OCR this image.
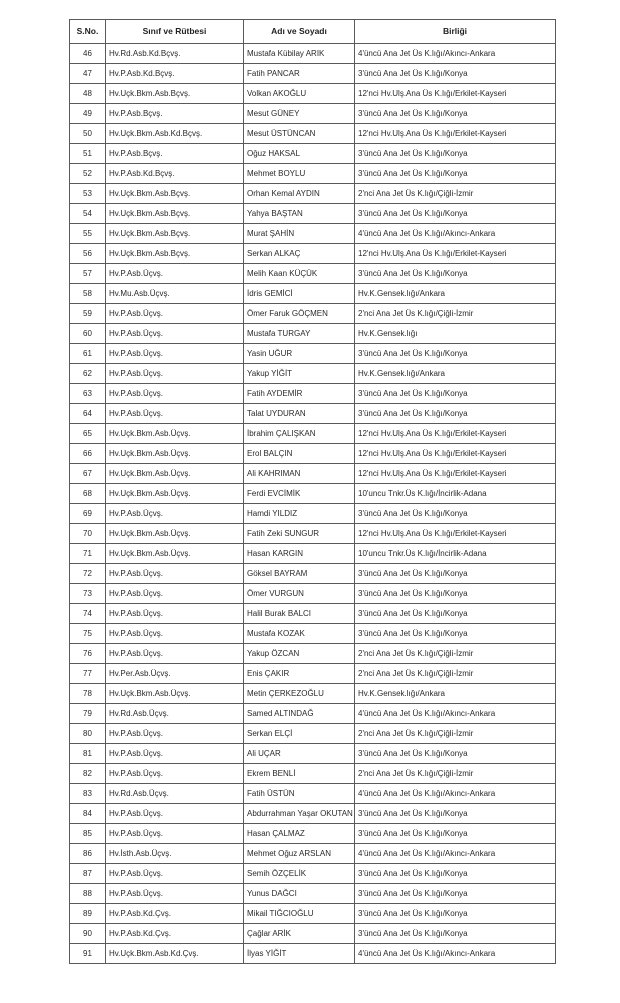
S.No.	Sınıf ve Rütbesi	Adı ve Soyadı	Birliği
46	Hv.Rd.Asb.Kd.Bçvş.	Mustafa Kübilay ARIK	4'üncü Ana Jet Üs K.lığı/Akıncı-Ankara
47	Hv.P.Asb.Kd.Bçvş.	Fatih PANCAR	3'üncü Ana Jet Üs K.lığı/Konya
48	Hv.Uçk.Bkm.Asb.Bçvş.	Volkan AKOĞLU	12'nci Hv.Ulş.Ana Üs K.lığı/Erkilet-Kayseri
49	Hv.P.Asb.Bçvş.	Mesut GÜNEY	3'üncü Ana Jet Üs K.lığı/Konya
50	Hv.Uçk.Bkm.Asb.Kd.Bçvş.	Mesut ÜSTÜNCAN	12'nci Hv.Ulş.Ana Üs K.lığı/Erkilet-Kayseri
51	Hv.P.Asb.Bçvş.	Oğuz HAKSAL	3'üncü Ana Jet Üs K.lığı/Konya
52	Hv.P.Asb.Kd.Bçvş.	Mehmet BOYLU	3'üncü Ana Jet Üs K.lığı/Konya
53	Hv.Uçk.Bkm.Asb.Bçvş.	Orhan Kemal AYDIN	2'nci Ana Jet Üs K.lığı/Çiğli-İzmir
54	Hv.Uçk.Bkm.Asb.Bçvş.	Yahya BAŞTAN	3'üncü Ana Jet Üs K.lığı/Konya
55	Hv.Uçk.Bkm.Asb.Bçvş.	Murat ŞAHİN	4'üncü Ana Jet Üs K.lığı/Akıncı-Ankara
56	Hv.Uçk.Bkm.Asb.Bçvş.	Serkan ALKAÇ	12'nci Hv.Ulş.Ana Üs K.lığı/Erkilet-Kayseri
57	Hv.P.Asb.Üçvş.	Melih Kaan KÜÇÜK	3'üncü Ana Jet Üs K.lığı/Konya
58	Hv.Mu.Asb.Üçvş.	İdris GEMİCİ	Hv.K.Gensek.lığı/Ankara
59	Hv.P.Asb.Üçvş.	Ömer Faruk GÖÇMEN	2'nci Ana Jet Üs K.lığı/Çiğli-İzmir
60	Hv.P.Asb.Üçvş.	Mustafa TURGAY	Hv.K.Gensek.lığı
61	Hv.P.Asb.Üçvş.	Yasin UĞUR	3'üncü Ana Jet Üs K.lığı/Konya
62	Hv.P.Asb.Üçvş.	Yakup YİĞİT	Hv.K.Gensek.lığı/Ankara
63	Hv.P.Asb.Üçvş.	Fatih AYDEMİR	3'üncü Ana Jet Üs K.lığı/Konya
64	Hv.P.Asb.Üçvş.	Talat UYDURAN	3'üncü Ana Jet Üs K.lığı/Konya
65	Hv.Uçk.Bkm.Asb.Üçvş.	İbrahim ÇALIŞKAN	12'nci Hv.Ulş.Ana Üs K.lığı/Erkilet-Kayseri
66	Hv.Uçk.Bkm.Asb.Üçvş.	Erol BALÇIN	12'nci Hv.Ulş.Ana Üs K.lığı/Erkilet-Kayseri
67	Hv.Uçk.Bkm.Asb.Üçvş.	Ali KAHRIMAN	12'nci Hv.Ulş.Ana Üs K.lığı/Erkilet-Kayseri
68	Hv.Uçk.Bkm.Asb.Üçvş.	Ferdi EVCİMİK	10'uncu Tnkr.Üs K.lığı/İncirlik-Adana
69	Hv.P.Asb.Üçvş.	Hamdi YILDIZ	3'üncü Ana Jet Üs K.lığı/Konya
70	Hv.Uçk.Bkm.Asb.Üçvş.	Fatih Zeki SUNGUR	12'nci Hv.Ulş.Ana Üs K.lığı/Erkilet-Kayseri
71	Hv.Uçk.Bkm.Asb.Üçvş.	Hasan KARGIN	10'uncu Tnkr.Üs K.lığı/İncirlik-Adana
72	Hv.P.Asb.Üçvş.	Göksel BAYRAM	3'üncü Ana Jet Üs K.lığı/Konya
73	Hv.P.Asb.Üçvş.	Ömer VURGUN	3'üncü Ana Jet Üs K.lığı/Konya
74	Hv.P.Asb.Üçvş.	Halil Burak BALCI	3'üncü Ana Jet Üs K.lığı/Konya
75	Hv.P.Asb.Üçvş.	Mustafa KOZAK	3'üncü Ana Jet Üs K.lığı/Konya
76	Hv.P.Asb.Üçvş.	Yakup ÖZCAN	2'nci Ana Jet Üs K.lığı/Çiğli-İzmir
77	Hv.Per.Asb.Üçvş.	Enis ÇAKIR	2'nci Ana Jet Üs K.lığı/Çiğli-İzmir
78	Hv.Uçk.Bkm.Asb.Üçvş.	Metin ÇERKEZOĞLU	Hv.K.Gensek.lığı/Ankara
79	Hv.Rd.Asb.Üçvş.	Samed ALTINDAĞ	4'üncü Ana Jet Üs K.lığı/Akıncı-Ankara
80	Hv.P.Asb.Üçvş.	Serkan ELÇİ	2'nci Ana Jet Üs K.lığı/Çiğli-İzmir
81	Hv.P.Asb.Üçvş.	Ali UÇAR	3'üncü Ana Jet Üs K.lığı/Konya
82	Hv.P.Asb.Üçvş.	Ekrem BENLİ	2'nci Ana Jet Üs K.lığı/Çiğli-İzmir
83	Hv.Rd.Asb.Üçvş.	Fatih ÜSTÜN	4'üncü Ana Jet Üs K.lığı/Akıncı-Ankara
84	Hv.P.Asb.Üçvş.	Abdurrahman Yaşar OKUTAN	3'üncü Ana Jet Üs K.lığı/Konya
85	Hv.P.Asb.Üçvş.	Hasan ÇALMAZ	3'üncü Ana Jet Üs K.lığı/Konya
86	Hv.İsth.Asb.Üçvş.	Mehmet Oğuz ARSLAN	4'üncü Ana Jet Üs K.lığı/Akıncı-Ankara
87	Hv.P.Asb.Üçvş.	Semih ÖZÇELİK	3'üncü Ana Jet Üs K.lığı/Konya
88	Hv.P.Asb.Üçvş.	Yunus DAĞCI	3'üncü Ana Jet Üs K.lığı/Konya
89	Hv.P.Asb.Kd.Çvş.	Mikail TIĞCIOĞLU	3'üncü Ana Jet Üs K.lığı/Konya
90	Hv.P.Asb.Kd.Çvş.	Çağlar ARİK	3'üncü Ana Jet Üs K.lığı/Konya
91	Hv.Uçk.Bkm.Asb.Kd.Çvş.	İlyas YİĞİT	4'üncü Ana Jet Üs K.lığı/Akıncı-Ankara
